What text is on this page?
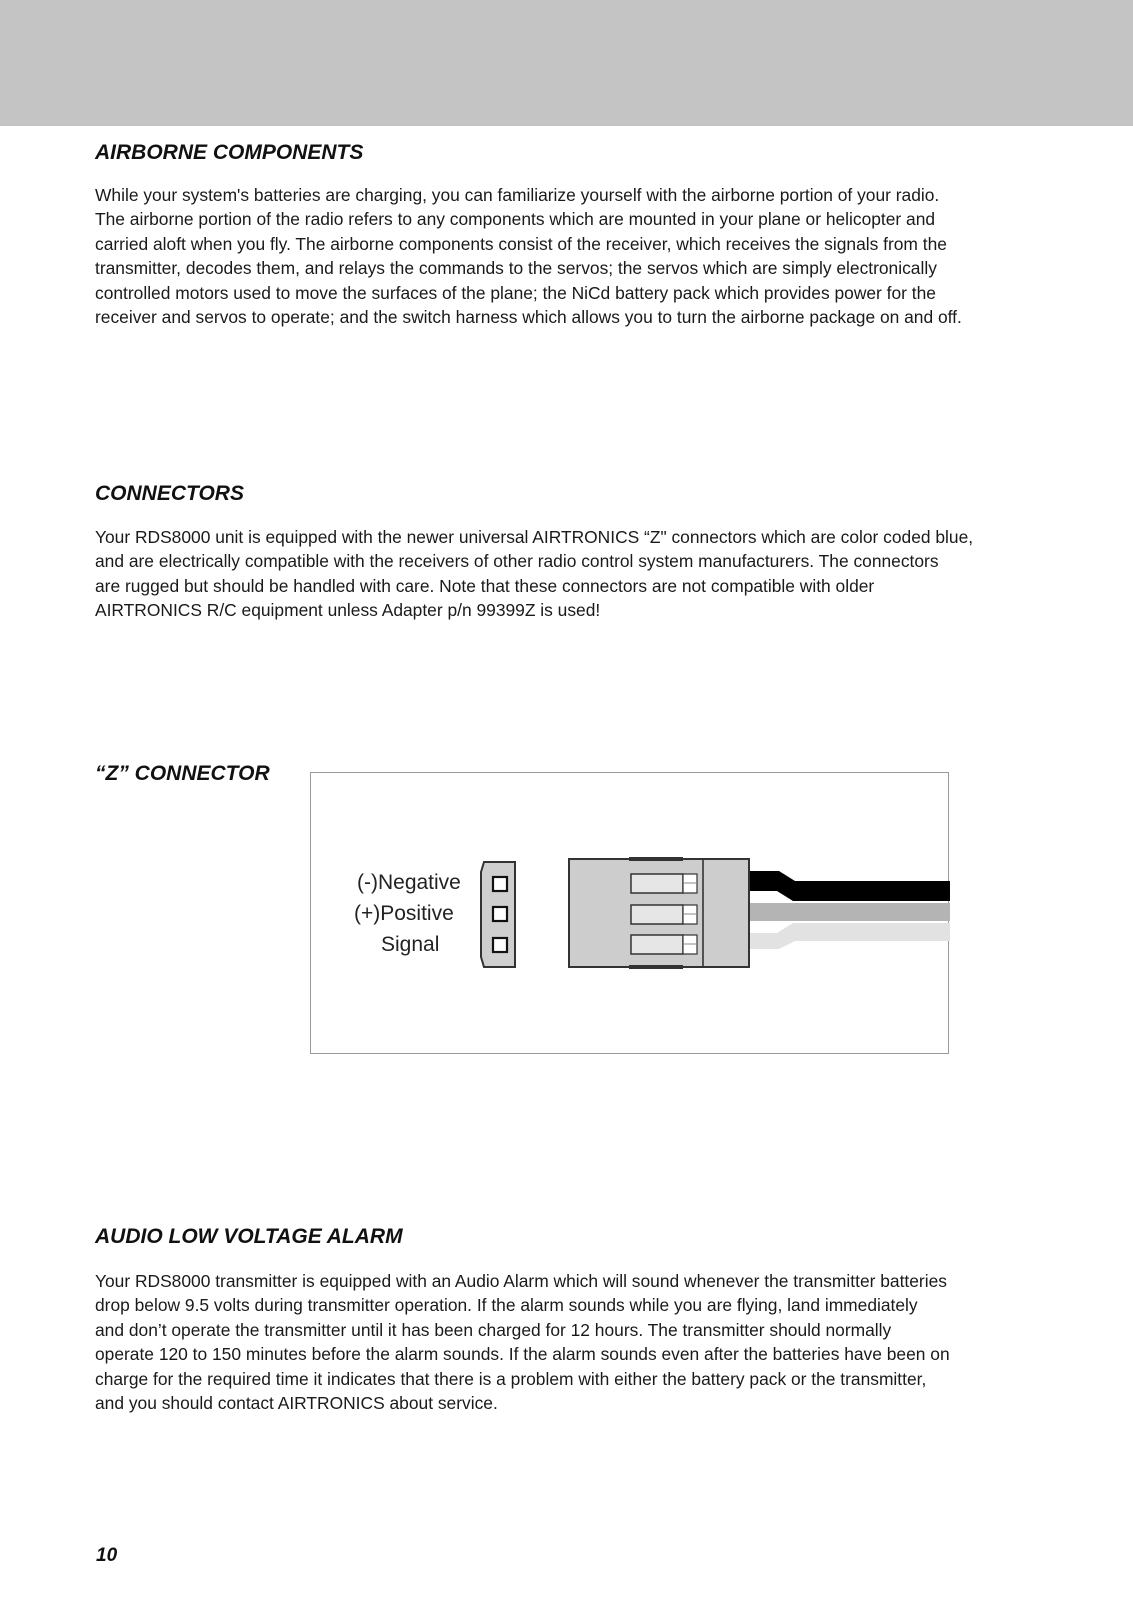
AIRBORNE COMPONENTS
While your system's batteries are charging, you can familiarize yourself with the airborne portion of your radio.
The airborne portion of the radio refers to any components which are mounted in your plane or helicopter and
carried aloft when you fly. The airborne components consist of the receiver, which receives the signals from the
transmitter, decodes them, and relays the commands to the servos; the servos which are simply electronically
controlled motors used to move the surfaces of the plane; the NiCd battery pack which provides power for the
receiver and servos to operate; and the switch harness which allows you to turn the airborne package on and off.
CONNECTORS
Your RDS8000 unit is equipped with the newer universal AIRTRONICS “Z" connectors which are color coded blue,
and are electrically compatible with the receivers of other radio control system manufacturers. The connectors
are rugged but should be handled with care. Note that these connectors are not compatible with older
AIRTRONICS R/C equipment unless Adapter p/n 99399Z is used!
“Z” CONNECTOR
(-)Negative
(+)Positive
Signal
AUDIO LOW VOLTAGE ALARM
Your RDS8000 transmitter is equipped with an Audio Alarm which will sound whenever the transmitter batteries
drop below 9.5 volts during transmitter operation. If the alarm sounds while you are flying, land immediately
and don’t operate the transmitter until it has been charged for 12 hours. The transmitter should normally
operate 120 to 150 minutes before the alarm sounds. If the alarm sounds even after the batteries have been on
charge for the required time it indicates that there is a problem with either the battery pack or the transmitter,
and you should contact AIRTRONICS about service.
10
